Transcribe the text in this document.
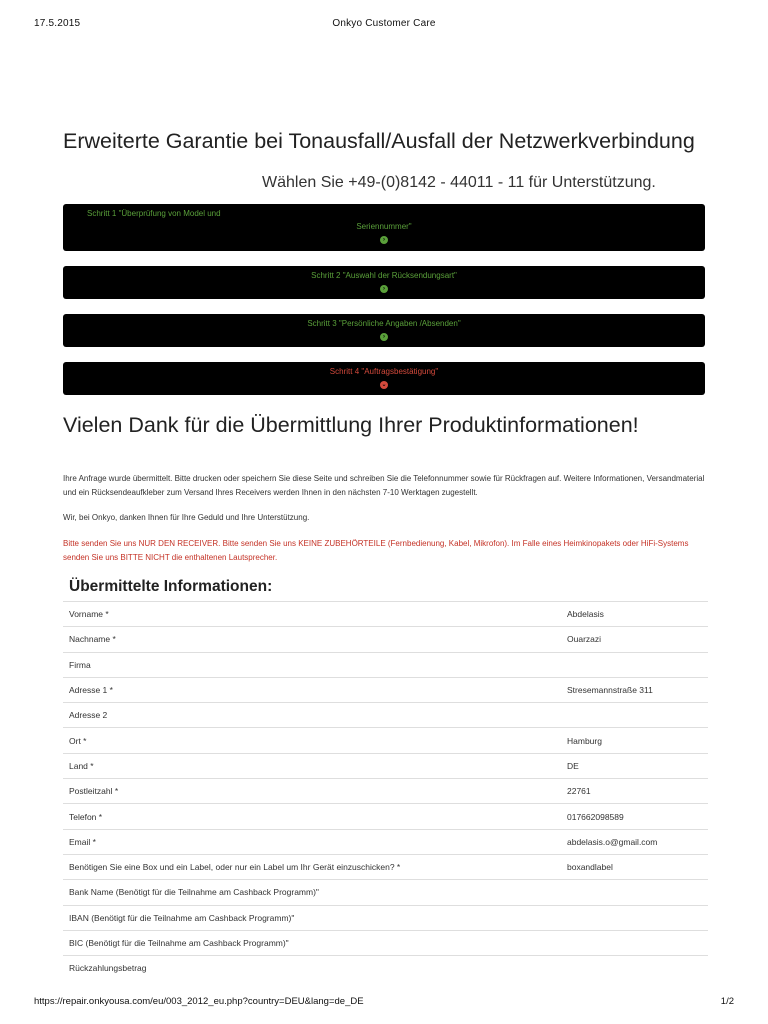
17.5.2015	Onkyo Customer Care
Erweiterte Garantie bei Tonausfall/Ausfall der Netzwerkverbindung
Wählen Sie +49-(0)8142 - 44011 - 11 für Unterstützung.
Schritt 1 "Überprüfung von Model und
Seriennummer"
›
Schritt 2 "Auswahl der Rücksendungsart"
›
Schritt 3 "Persönliche Angaben /Absenden"
›
Schritt 4 "Auftragsbestätigung"
⌄
Vielen Dank für die Übermittlung Ihrer Produktinformationen!

Ihre Anfrage wurde übermittelt. Bitte drucken oder speichern Sie diese Seite und schreiben Sie die Telefonnummer sowie für Rückfragen auf. Weitere Informationen, Versandmaterial und ein Rücksendeaufkleber zum Versand Ihres Receivers werden Ihnen in den nächsten 7-10 Werktagen zugestellt.

Wir, bei Onkyo, danken Ihnen für Ihre Geduld und Ihre Unterstützung.

Bitte senden Sie uns NUR DEN RECEIVER. Bitte senden Sie uns KEINE ZUBEHÖRTEILE (Fernbedienung, Kabel, Mikrofon). Im Falle eines Heimkinopakets oder HiFi-Systems senden Sie uns BITTE NICHT die enthaltenen Lautsprecher.

Übermittelte Informationen:
Vorname *	Abdelasis
Nachname *	Ouarzazi
Firma	
Adresse 1 *	Stresemannstraße 311
Adresse 2	
Ort *	Hamburg
Land *	DE
Postleitzahl *	22761
Telefon *	017662098589
Email *	abdelasis.o@gmail.com
Benötigen Sie eine Box und ein Label, oder nur ein Label um Ihr Gerät einzuschicken? *	boxandlabel
Bank Name (Benötigt für die Teilnahme am Cashback Programm)"	
IBAN (Benötigt für die Teilnahme am Cashback Programm)"	
BIC (Benötigt für die Teilnahme am Cashback Programm)"	
Rückzahlungsbetrag	
https://repair.onkyousa.com/eu/003_2012_eu.php?country=DEU&lang=de_DE	1/2
